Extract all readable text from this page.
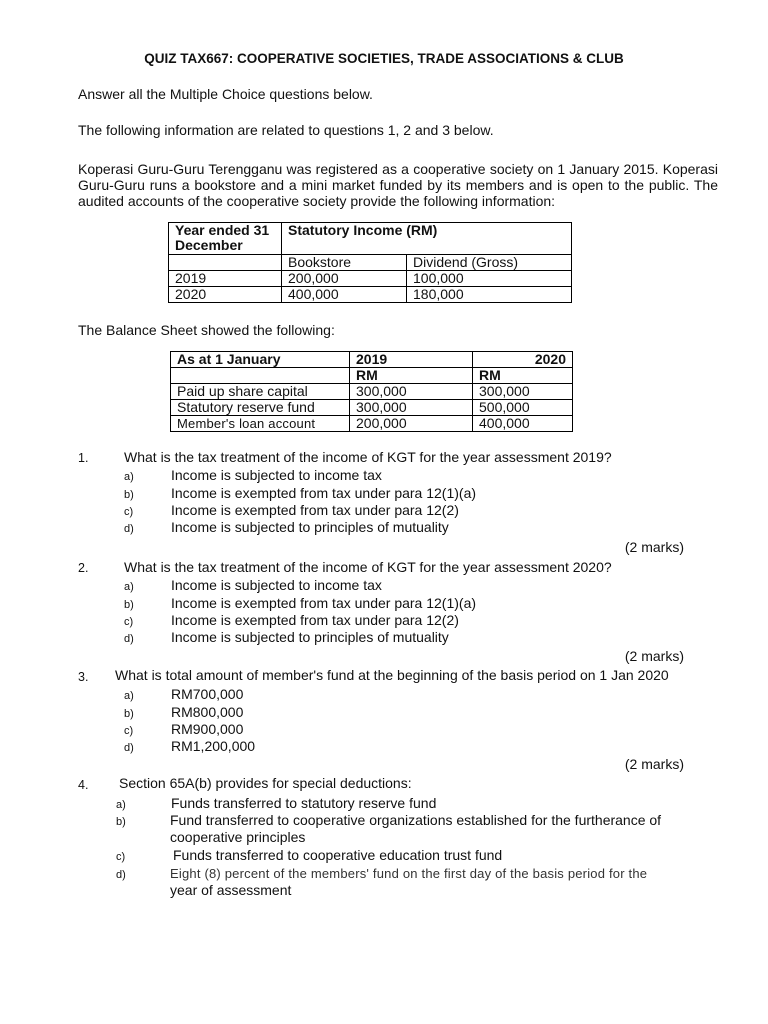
QUIZ TAX667: COOPERATIVE SOCIETIES, TRADE ASSOCIATIONS & CLUB
Answer all the Multiple Choice questions below.
The following information are related to questions 1, 2 and 3 below.
Koperasi Guru-Guru Terengganu was registered as a cooperative society on 1 January 2015. Koperasi Guru-Guru runs a bookstore and a mini market funded by its members and is open to the public. The audited accounts of the cooperative society provide the following information:
Year ended 31 December	Statutory Income (RM)	
	Bookstore	Dividend (Gross)
2019	200,000	100,000
2020	400,000	180,000
The Balance Sheet showed the following:
As at 1 January	2019	2020
	RM	RM
Paid up share capital	300,000	300,000
Statutory reserve fund	300,000	500,000
Member's loan account	200,000	400,000
1.	What is the tax treatment of the income of KGT for the year assessment 2019?
a)	Income is subjected to income tax
b)	Income is exempted from tax under para 12(1)(a)
c)	Income is exempted from tax under para 12(2)
d)	Income is subjected to principles of mutuality
(2 marks)
2.	What is the tax treatment of the income of KGT for the year assessment 2020?
a)	Income is subjected to income tax
b)	Income is exempted from tax under para 12(1)(a)
c)	Income is exempted from tax under para 12(2)
d)	Income is subjected to principles of mutuality
(2 marks)
3. What is total amount of member's fund at the beginning of the basis period on 1 Jan 2020
a)	RM700,000
b)	RM800,000
c)	RM900,000
d)	RM1,200,000
(2 marks)
4. Section 65A(b) provides for special deductions:
a)	Funds transferred to statutory reserve fund
b)	Fund transferred to cooperative organizations established for the furtherance of
cooperative principles
c)	Funds transferred to cooperative education trust fund
d)	Eight (8) percent of the members' fund on the first day of the basis period for the
year of assessment
